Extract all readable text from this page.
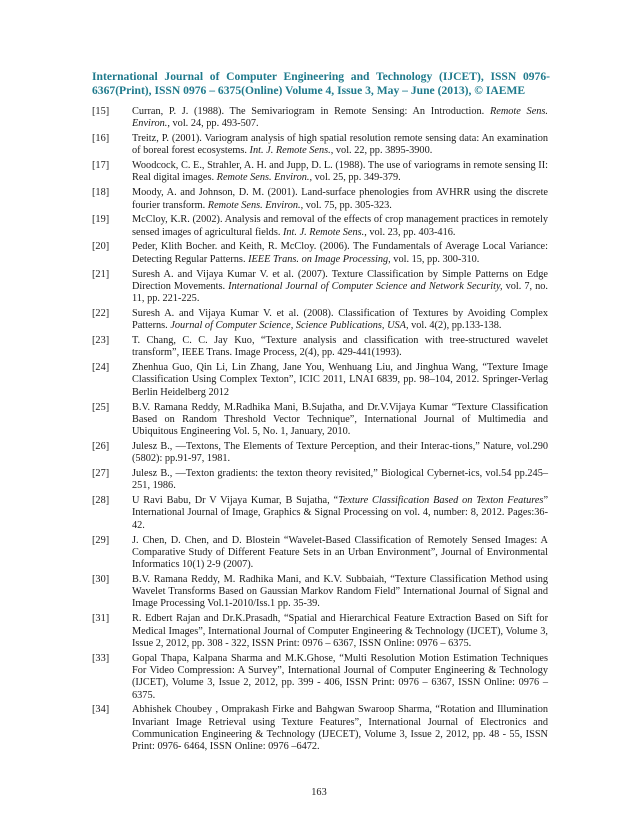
International Journal of Computer Engineering and Technology (IJCET), ISSN 0976-6367(Print), ISSN 0976 – 6375(Online) Volume 4, Issue 3, May – June (2013), © IAEME
[15]	Curran, P. J. (1988). The Semivariogram in Remote Sensing: An Introduction. Remote Sens. Environ., vol. 24, pp. 493-507.
[16]	Treitz, P. (2001). Variogram analysis of high spatial resolution remote sensing data: An examination of boreal forest ecosystems. Int. J. Remote Sens., vol. 22, pp. 3895-3900.
[17]	Woodcock, C. E., Strahler, A. H. and Jupp, D. L. (1988). The use of variograms in remote sensing II: Real digital images. Remote Sens. Environ., vol. 25, pp. 349-379.
[18]	Moody, A. and Johnson, D. M. (2001). Land-surface phenologies from AVHRR using the discrete fourier transform. Remote Sens. Environ., vol. 75, pp. 305-323.
[19]	McCloy, K.R. (2002). Analysis and removal of the effects of crop management practices in remotely sensed images of agricultural fields. Int. J. Remote Sens., vol. 23, pp. 403-416.
[20]	Peder, Klith Bocher. and Keith, R. McCloy. (2006). The Fundamentals of Average Local Variance: Detecting Regular Patterns. IEEE Trans. on Image Processing, vol. 15, pp. 300-310.
[21]	Suresh A. and Vijaya Kumar V. et al. (2007). Texture Classification by Simple Patterns on Edge Direction Movements. International Journal of Computer Science and Network Security, vol. 7, no. 11, pp. 221-225.
[22]	Suresh A. and Vijaya Kumar V. et al. (2008). Classification of Textures by Avoiding Complex Patterns. Journal of Computer Science, Science Publications, USA, vol. 4(2), pp.133-138.
[23]	T. Chang, C. C. Jay Kuo, “Texture analysis and classification with tree-structured wavelet transform”, IEEE Trans. Image Process, 2(4), pp. 429-441(1993).
[24]	Zhenhua Guo, Qin Li, Lin Zhang, Jane You, Wenhuang Liu, and Jinghua Wang, “Texture Image Classification Using Complex Texton”, ICIC 2011, LNAI 6839, pp. 98–104, 2012. Springer-Verlag Berlin Heidelberg 2012
[25]	B.V. Ramana Reddy, M.Radhika Mani, B.Sujatha, and Dr.V.Vijaya Kumar “Texture Classification Based on Random Threshold Vector Technique”, International Journal of Multimedia and Ubiquitous Engineering Vol. 5, No. 1, January, 2010.
[26]	Julesz B., ―Textons, The Elements of Texture Perception, and their Interac-tions,” Nature, vol.290 (5802): pp.91-97, 1981.
[27]	Julesz B., ―Texton gradients: the texton theory revisited,” Biological Cybernet-ics, vol.54 pp.245–251, 1986.
[28]	U Ravi Babu, Dr V Vijaya Kumar, B Sujatha, “Texture Classification Based on Texton Features” International Journal of Image, Graphics & Signal Processing on vol. 4, number: 8, 2012. Pages:36-42.
[29]	J. Chen, D. Chen, and D. Blostein “Wavelet-Based Classification of Remotely Sensed Images: A Comparative Study of Different Feature Sets in an Urban Environment”, Journal of Environmental Informatics 10(1) 2-9 (2007).
[30]	B.V. Ramana Reddy, M. Radhika Mani, and K.V. Subbaiah, “Texture Classification Method using Wavelet Transforms Based on Gaussian Markov Random Field” International Journal of Signal and Image Processing Vol.1-2010/Iss.1 pp. 35-39.
[31]	R. Edbert Rajan and Dr.K.Prasadh, “Spatial and Hierarchical Feature Extraction Based on Sift for Medical Images”, International Journal of Computer Engineering & Technology (IJCET), Volume 3, Issue 2, 2012, pp. 308 - 322, ISSN Print: 0976 – 6367, ISSN Online: 0976 – 6375.
[33]	Gopal Thapa, Kalpana Sharma and M.K.Ghose, “Multi Resolution Motion Estimation Techniques For Video Compression: A Survey”, International Journal of Computer Engineering & Technology (IJCET), Volume 3, Issue 2, 2012, pp. 399 - 406, ISSN Print: 0976 – 6367, ISSN Online: 0976 – 6375.
[34]	Abhishek Choubey , Omprakash Firke and Bahgwan Swaroop Sharma, “Rotation and Illumination Invariant Image Retrieval using Texture Features”, International Journal of Electronics and Communication Engineering & Technology (IJECET), Volume 3, Issue 2, 2012, pp. 48 - 55, ISSN Print: 0976- 6464, ISSN Online: 0976 –6472.
163
